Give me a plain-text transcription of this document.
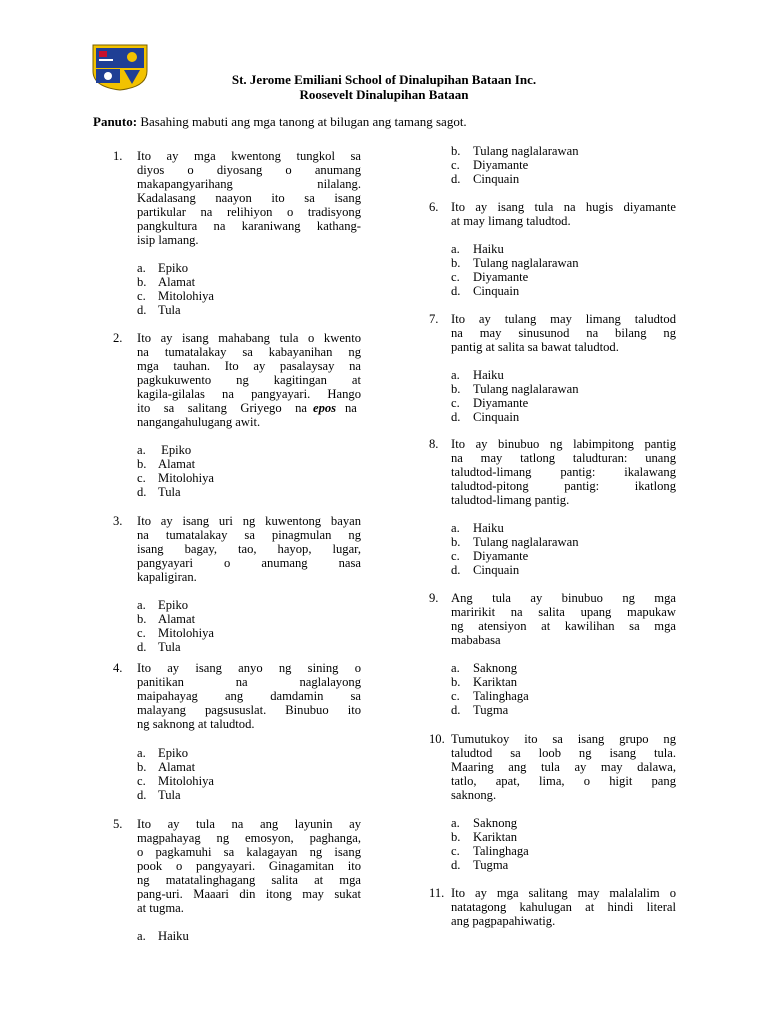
St. Jerome Emiliani School of Dinalupihan Bataan Inc.
Roosevelt Dinalupihan Bataan
Panuto: Basahing mabuti ang mga tanong at bilugan ang tamang sagot.
1. Ito ay mga kwentong tungkol sa
diyos o diyosang o anumang
makapangyarihang nilalang.
Kadalasang naayon ito sa isang
partikular na relihiyon o tradisyong
pangkultura na karaniwang kathang-
isip lamang.
a. Epiko
b. Alamat
c. Mitolohiya
d. Tula
2. Ito ay isang mahabang tula o kwento
na tumatalakay sa kabayanihan ng
mga tauhan. Ito ay pasalaysay na
pagkukuwento ng kagitingan at
kagila-gilalas na pangyayari. Hango
ito sa salitang Griyego na epos na
nangangahulugang awit.
a. Epiko
b. Alamat
c. Mitolohiya
d. Tula
3. Ito ay isang uri ng kuwentong bayan
na tumatalakay sa pinagmulan ng
isang bagay, tao, hayop, lugar,
pangyayari o anumang nasa
kapaligiran.
a. Epiko
b. Alamat
c. Mitolohiya
d. Tula
4. Ito ay isang anyo ng sining o
panitikan na naglalayong
maipahayag ang damdamin sa
malayang pagsususlat. Binubuo ito
ng saknong at taludtod.
a. Epiko
b. Alamat
c. Mitolohiya
d. Tula
5. Ito ay tula na ang layunin ay
magpahayag ng emosyon, paghanga,
o pagkamuhi sa kalagayan ng isang
pook o pangyayari. Ginagamitan ito
ng matatalinghagang salita at mga
pang-uri. Maaari din itong may sukat
at tugma.
a. Haiku
b. Tulang naglalarawan
c. Diyamante
d. Cinquain
6. Ito ay isang tula na hugis diyamante
at may limang taludtod.
a. Haiku
b. Tulang naglalarawan
c. Diyamante
d. Cinquain
7. Ito ay tulang may limang taludtod
na may sinusunod na bilang ng
pantig at salita sa bawat taludtod.
a. Haiku
b. Tulang naglalarawan
c. Diyamante
d. Cinquain
8. Ito ay binubuo ng labimpitong pantig
na may tatlong taludturan: unang
taludtod-limang pantig: ikalawang
taludtod-pitong pantig: ikatlong
taludtod-limang pantig.
a. Haiku
b. Tulang naglalarawan
c. Diyamante
d. Cinquain
9. Ang tula ay binubuo ng mga
maririkit na salita upang mapukaw
ng atensiyon at kawilihan sa mga
mababasa
a. Saknong
b. Kariktan
c. Talinghaga
d. Tugma
10. Tumutukoy ito sa isang grupo ng
taludtod sa loob ng isang tula.
Maaring ang tula ay may dalawa,
tatlo, apat, lima, o higit pang
saknong.
a. Saknong
b. Kariktan
c. Talinghaga
d. Tugma
11. Ito ay mga salitang may malalalim o
natatagong kahulugan at hindi literal
ang pagpapahiwatig.
